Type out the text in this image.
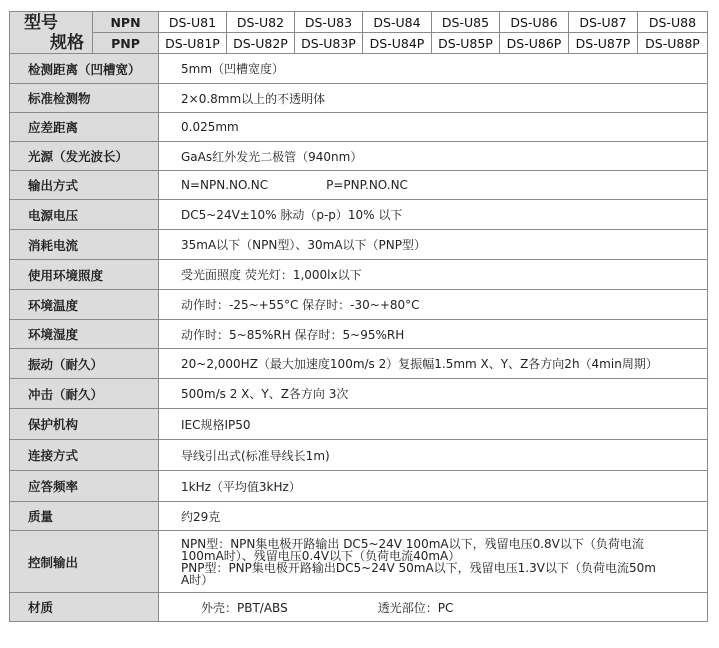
型号
规格	NPN	DS-U81	DS-U82	DS-U83	DS-U84	DS-U85	DS-U86	DS-U87	DS-U88
	PNP	DS-U81P	DS-U82P	DS-U83P	DS-U84P	DS-U85P	DS-U86P	DS-U87P	DS-U88P
检测距离（凹槽宽）		5mm（凹槽宽度）							
标准检测物		2×0.8mm以上的不透明体							
应差距离		0.025mm							
光源（发光波长）		GaAs红外发光二极管（940nm）							
输出方式		N=NPN.NO.NC P=PNP.NO.NC							
电源电压		DC5~24V±10% 脉动（p-p）10% 以下							
消耗电流		35mA以下（NPN型）、30mA以下（PNP型）							
使用环境照度		受光面照度 荧光灯：1,000lx以下							
环境温度		动作时：-25~+55°C 保存时：-30~+80°C							
环境湿度		动作时：5~85%RH 保存时：5~95%RH							
振动（耐久）		20~2,000HZ（最大加速度100m/s 2）复振幅1.5mm X、Y、Z各方向2h（4min周期）							
冲击（耐久）		500m/s 2 X、Y、Z各方向 3次							
保护机构		IEC规格IP50							
连接方式		导线引出式(标准导线长1m)							
应答频率		1kHz（平均值3kHz）							
质量		约29克							
控制输出		NPN型：NPN集电极开路输出 DC5~24V 100mA以下，残留电压0.8V以下（负荷电流
100mA时）、残留电压0.4V以下（负荷电流40mA）
PNP型：PNP集电极开路输出DC5~24V 50mA以下，残留电压1.3V以下（负荷电流50m
A时）							

材质		外壳：PBT/ABS 透光部位：PC							
